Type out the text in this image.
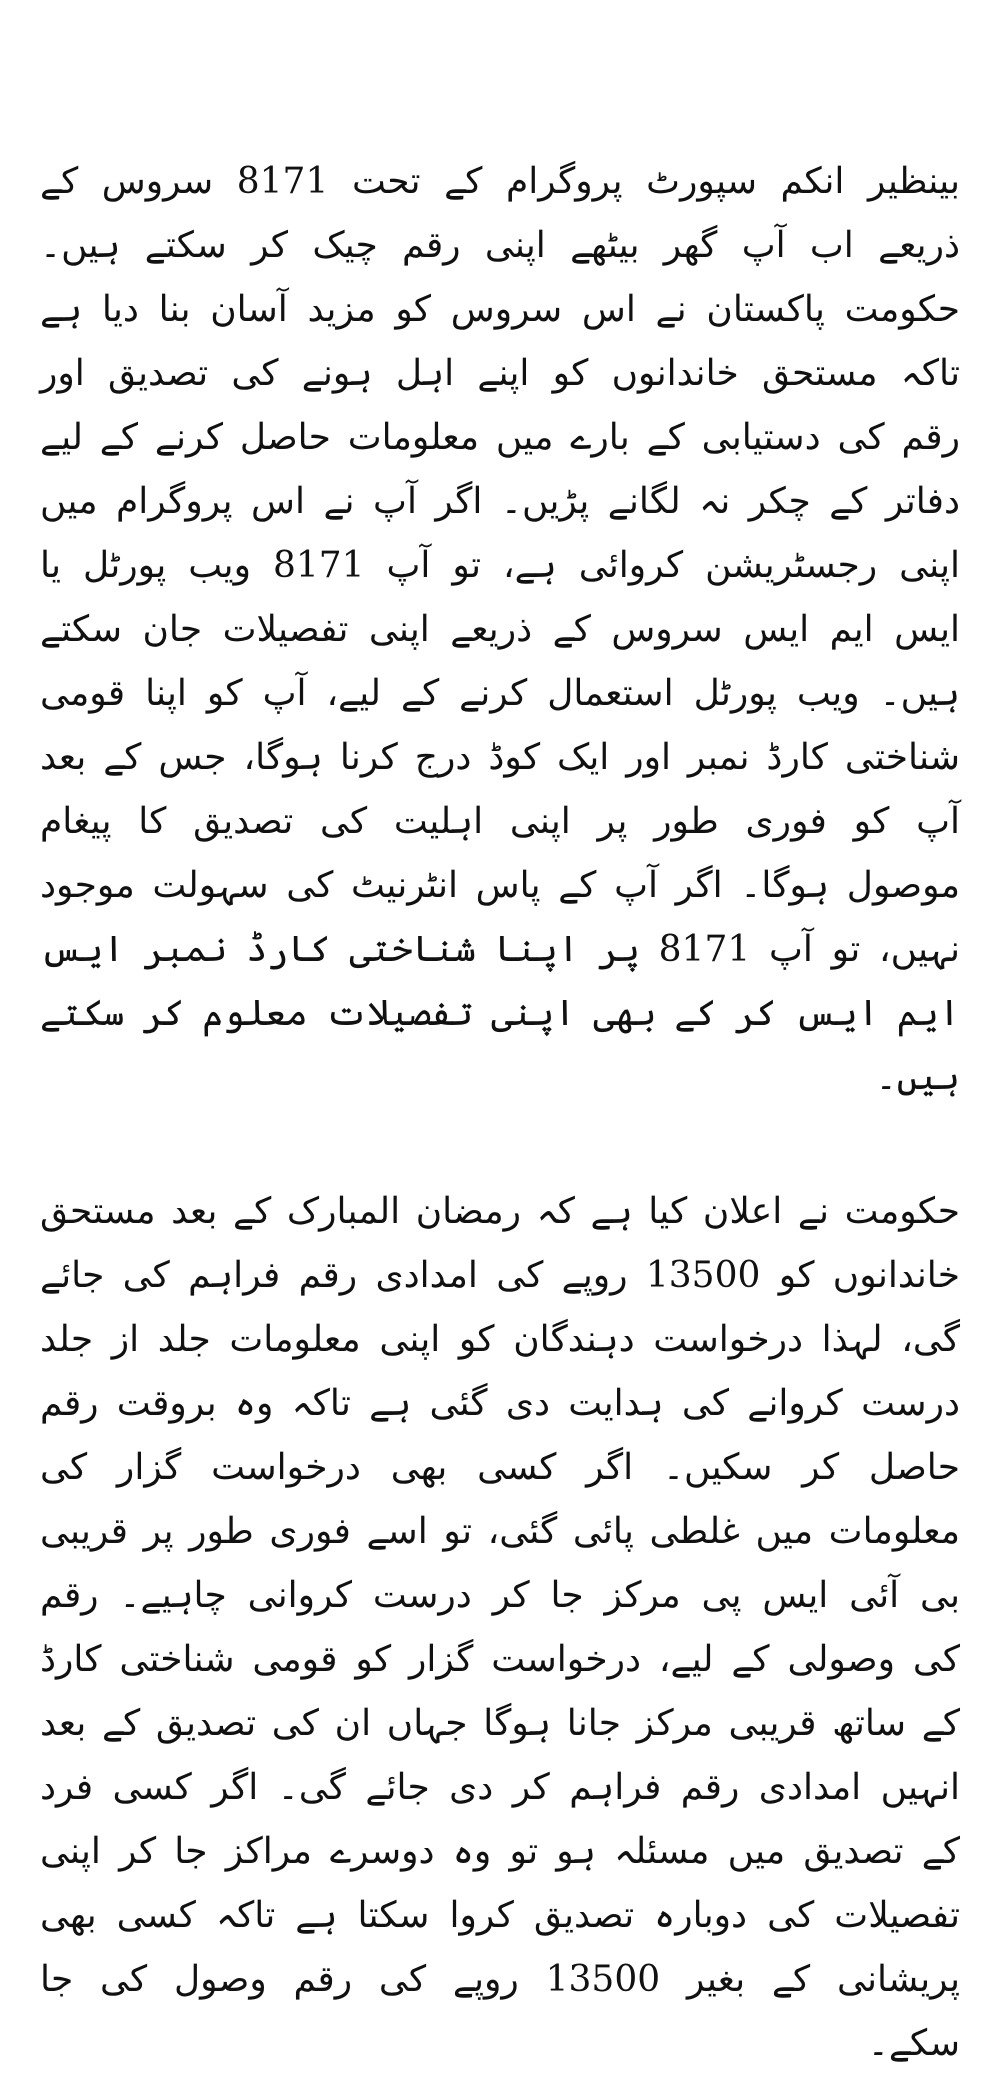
بینظیر انکم سپورٹ پروگرام کے تحت 8171 سروس کے ذریعے اب آپ گھر بیٹھے اپنی رقم چیک کر سکتے ہیں۔ حکومت پاکستان نے اس سروس کو مزید آسان بنا دیا ہے تاکہ مستحق خاندانوں کو اپنے اہل ہونے کی تصدیق اور رقم کی دستیابی کے بارے میں معلومات حاصل کرنے کے لیے دفاتر کے چکر نہ لگانے پڑیں۔ اگر آپ نے اس پروگرام میں اپنی رجسٹریشن کروائی ہے، تو آپ 8171 ویب پورٹل یا ایس ایم ایس سروس کے ذریعے اپنی تفصیلات جان سکتے ہیں۔ ویب پورٹل استعمال کرنے کے لیے، آپ کو اپنا قومی شناختی کارڈ نمبر اور ایک کوڈ درج کرنا ہوگا، جس کے بعد آپ کو فوری طور پر اپنی اہلیت کی تصدیق کا پیغام موصول ہوگا۔ اگر آپ کے پاس انٹرنیٹ کی سہولت موجود نہیں، تو آپ 8171 پر اپنا شناختی کارڈ نمبر ایس ایم ایس کر کے بھی اپنی تفصیلات معلوم کر سکتے ہیں۔

حکومت نے اعلان کیا ہے کہ رمضان المبارک کے بعد مستحق خاندانوں کو 13500 روپے کی امدادی رقم فراہم کی جائے گی، لہذا درخواست دہندگان کو اپنی معلومات جلد از جلد درست کروانے کی ہدایت دی گئی ہے تاکہ وہ بروقت رقم حاصل کر سکیں۔ اگر کسی بھی درخواست گزار کی معلومات میں غلطی پائی گئی، تو اسے فوری طور پر قریبی بی آئی ایس پی مرکز جا کر درست کروانی چاہیے۔ رقم کی وصولی کے لیے، درخواست گزار کو قومی شناختی کارڈ کے ساتھ قریبی مرکز جانا ہوگا جہاں ان کی تصدیق کے بعد انہیں امدادی رقم فراہم کر دی جائے گی۔ اگر کسی فرد کے تصدیق میں مسئلہ ہو تو وہ دوسرے مراکز جا کر اپنی تفصیلات کی دوبارہ تصدیق کروا سکتا ہے تاکہ کسی بھی پریشانی کے بغیر 13500 روپے کی رقم وصول کی جا سکے۔
